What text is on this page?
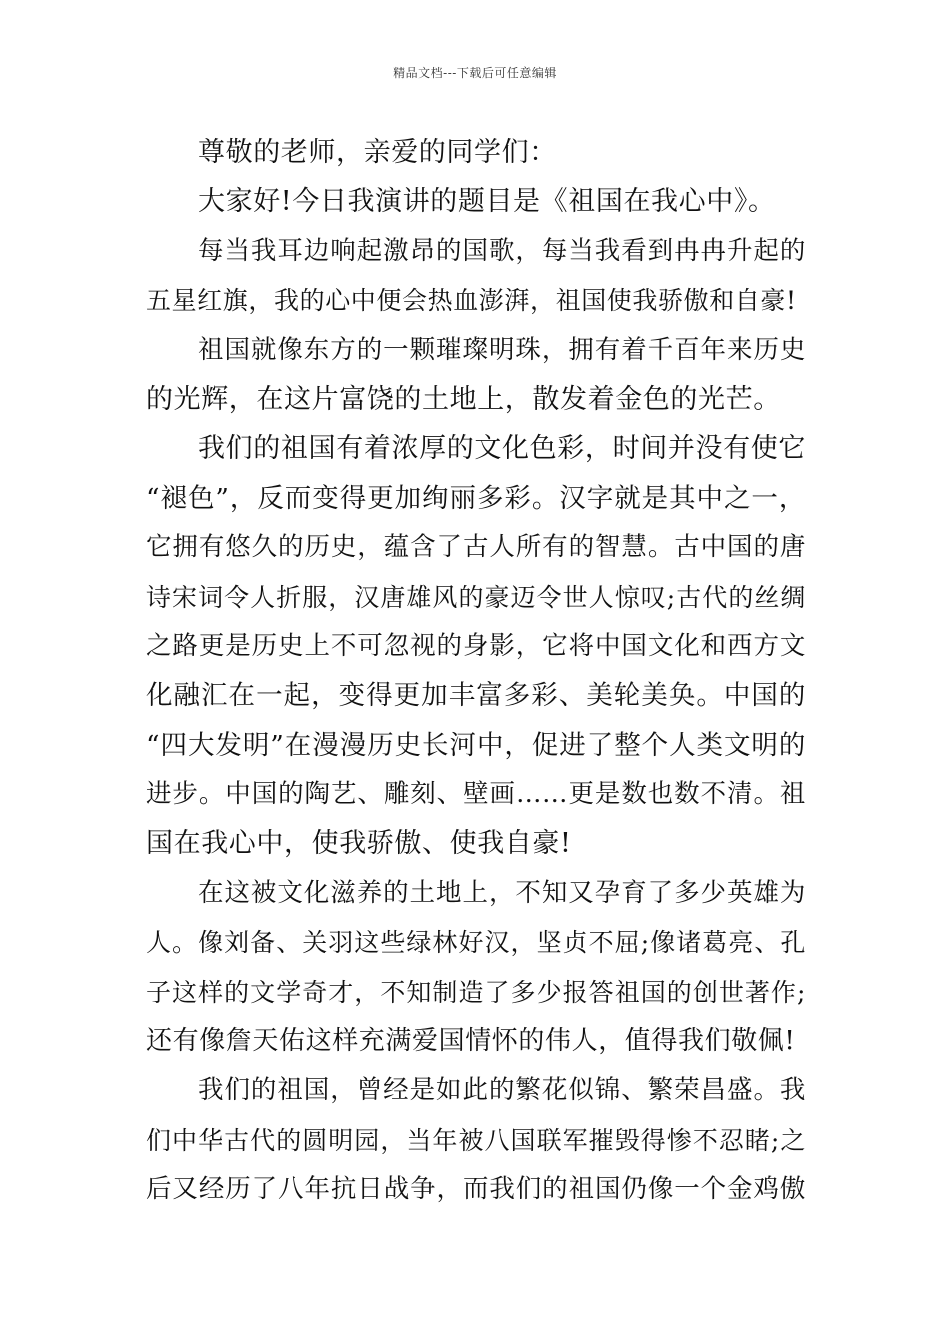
精品文档---下载后可任意编辑
尊敬的老师，亲爱的同学们：
大家好!今日我演讲的题目是《祖国在我心中》。
每当我耳边响起激昂的国歌，每当我看到冉冉升起的
五星红旗，我的心中便会热血澎湃，祖国使我骄傲和自豪!
祖国就像东方的一颗璀璨明珠，拥有着千百年来历史
的光辉，在这片富饶的土地上，散发着金色的光芒。
我们的祖国有着浓厚的文化色彩，时间并没有使它
“褪色”，反而变得更加绚丽多彩。汉字就是其中之一，
它拥有悠久的历史，蕴含了古人所有的智慧。古中国的唐
诗宋词令人折服，汉唐雄风的豪迈令世人惊叹;古代的丝绸
之路更是历史上不可忽视的身影，它将中国文化和西方文
化融汇在一起，变得更加丰富多彩、美轮美奂。中国的
“四大发明”在漫漫历史长河中，促进了整个人类文明的
进步。中国的陶艺、雕刻、壁画……更是数也数不清。祖
国在我心中，使我骄傲、使我自豪!
在这被文化滋养的土地上，不知又孕育了多少英雄为
人。像刘备、关羽这些绿林好汉，坚贞不屈;像诸葛亮、孔
子这样的文学奇才，不知制造了多少报答祖国的创世著作;
还有像詹天佑这样充满爱国情怀的伟人，值得我们敬佩!
我们的祖国，曾经是如此的繁花似锦、繁荣昌盛。我
们中华古代的圆明园，当年被八国联军摧毁得惨不忍睹;之
后又经历了八年抗日战争，而我们的祖国仍像一个金鸡傲
